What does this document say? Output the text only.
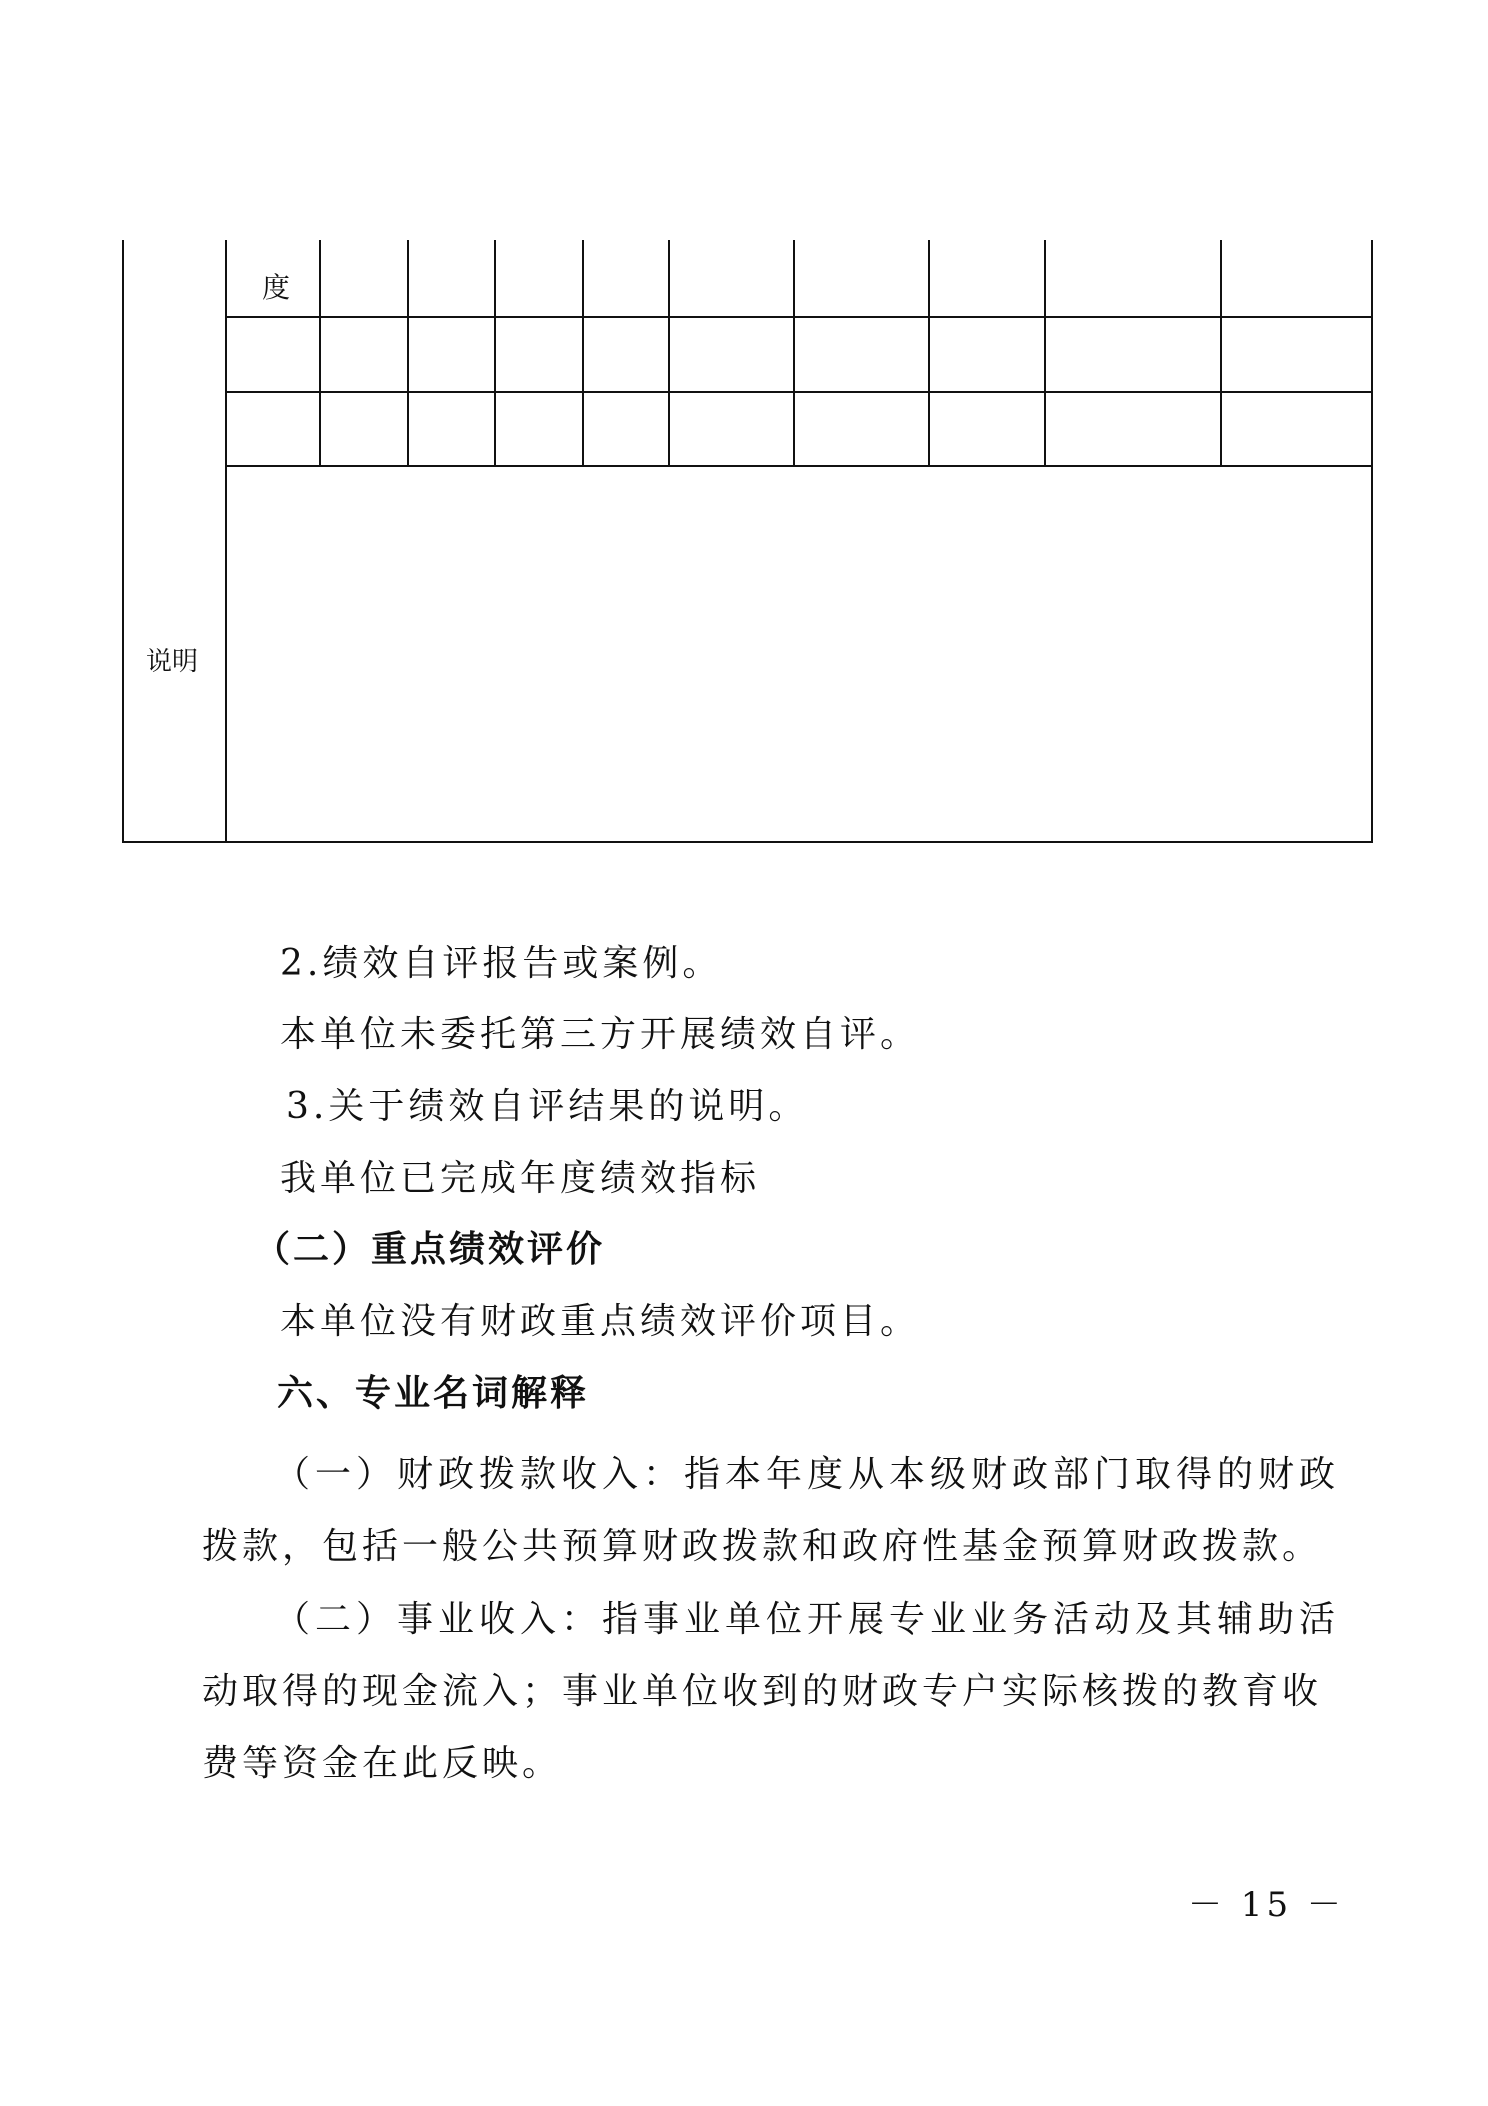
度
说明
2.绩效自评报告或案例。
本单位未委托第三方开展绩效自评。
3.关于绩效自评结果的说明。
我单位已完成年度绩效指标
（二）重点绩效评价
本单位没有财政重点绩效评价项目。
六、专业名词解释
（一）财政拨款收入：指本年度从本级财政部门取得的财政
拨款，包括一般公共预算财政拨款和政府性基金预算财政拨款。
（二）事业收入：指事业单位开展专业业务活动及其辅助活
动取得的现金流入；事业单位收到的财政专户实际核拨的教育收
费等资金在此反映。
－ 15 －
